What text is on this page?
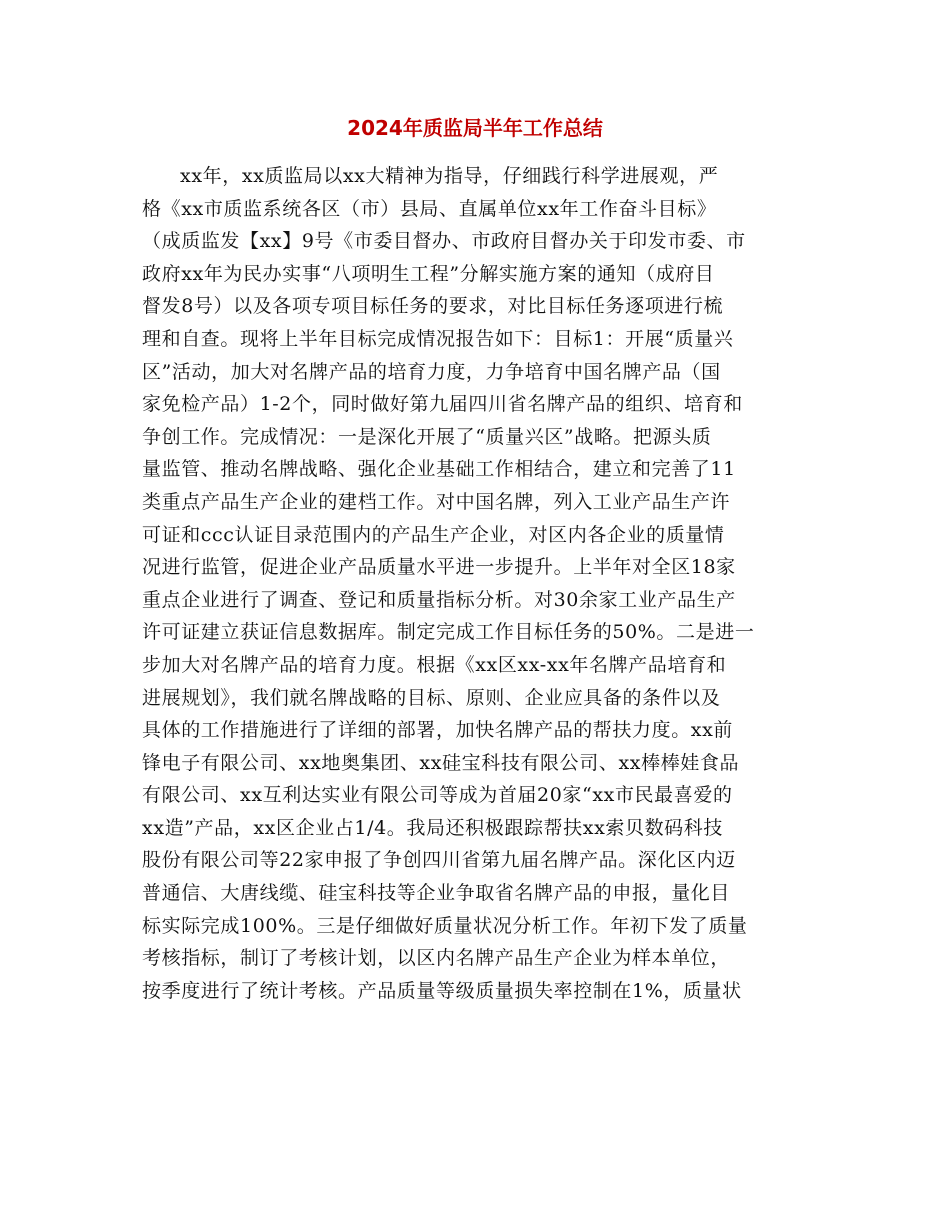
2024年质监局半年工作总结
xx年，xx质监局以xx大精神为指导，仔细践行科学进展观，严
格《xx市质监系统各区（市）县局、直属单位xx年工作奋斗目标》
（成质监发【xx】9号《市委目督办、市政府目督办关于印发市委、市
政府xx年为民办实事“八项明生工程”分解实施方案的通知（成府目
督发8号）以及各项专项目标任务的要求，对比目标任务逐项进行梳
理和自查。现将上半年目标完成情况报告如下：目标1：开展“质量兴
区”活动，加大对名牌产品的培育力度，力争培育中国名牌产品（国
家免检产品）1-2个，同时做好第九届四川省名牌产品的组织、培育和
争创工作。完成情况：一是深化开展了“质量兴区”战略。把源头质
量监管、推动名牌战略、强化企业基础工作相结合，建立和完善了11
类重点产品生产企业的建档工作。对中国名牌，列入工业产品生产许
可证和ccc认证目录范围内的产品生产企业，对区内各企业的质量情
况进行监管，促进企业产品质量水平进一步提升。上半年对全区18家
重点企业进行了调查、登记和质量指标分析。对30余家工业产品生产
许可证建立获证信息数据库。制定完成工作目标任务的50%。二是进一
步加大对名牌产品的培育力度。根据《xx区xx-xx年名牌产品培育和
进展规划》，我们就名牌战略的目标、原则、企业应具备的条件以及
具体的工作措施进行了详细的部署，加快名牌产品的帮扶力度。xx前
锋电子有限公司、xx地奥集团、xx硅宝科技有限公司、xx棒棒娃食品
有限公司、xx互利达实业有限公司等成为首届20家“xx市民最喜爱的
xx造”产品，xx区企业占1/4。我局还积极跟踪帮扶xx索贝数码科技
股份有限公司等22家申报了争创四川省第九届名牌产品。深化区内迈
普通信、大唐线缆、硅宝科技等企业争取省名牌产品的申报，量化目
标实际完成100%。三是仔细做好质量状况分析工作。年初下发了质量
考核指标，制订了考核计划，以区内名牌产品生产企业为样本单位，
按季度进行了统计考核。产品质量等级质量损失率控制在1%，质量状
